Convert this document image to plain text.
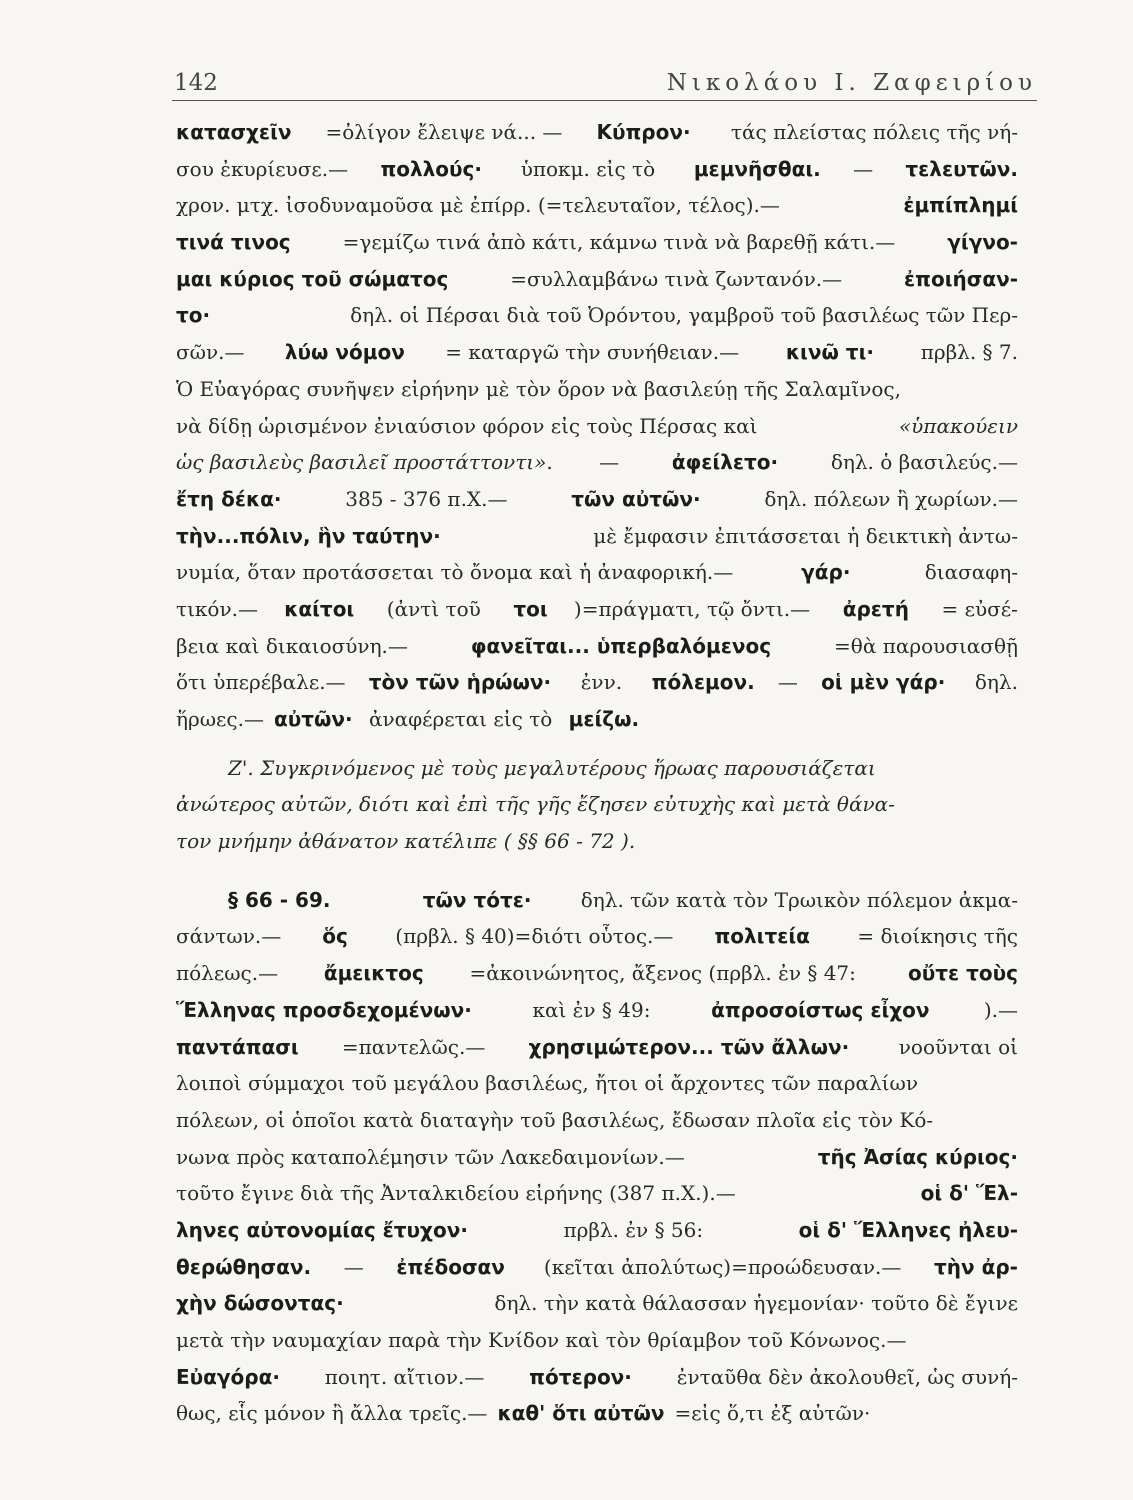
142	Νικολάου Ι. Ζαφειρίου
κατασχεῖν =ὀλίγον ἔλειψε νά... — Κύπρον· τάς πλείστας πόλεις τῆς νή-
σου ἐκυρίευσε.— πολλούς· ὑποκμ. εἰς τὸ μεμνῆσθαι. — τελευτῶν.
χρον. μτχ. ἰσοδυναμοῦσα μὲ ἐπίρρ. (=τελευταῖον, τέλος).—	ἐμπίπλημί
τινά τινος	=γεμίζω τινά ἀπὸ κάτι, κάμνω τινὰ νὰ βαρεθῇ κάτι.—	γίγνο-
μαι κύριος τοῦ σώματος	=συλλαμβάνω τινὰ ζωντανόν.—	ἐποιήσαν-
το·	δηλ. οἱ Πέρσαι διὰ τοῦ Ὀρόντου, γαμβροῦ τοῦ βασιλέως τῶν Περ-
σῶν.— λύω νόμον = καταργῶ τὴν συνήθειαν.— κινῶ τι· πρβλ. § 7.
Ὁ Εὐαγόρας συνῆψεν εἰρήνην μὲ τὸν ὅρον νὰ βασιλεύῃ τῆς Σαλαμῖνος,
νὰ δίδῃ ὡρισμένον ἐνιαύσιον φόρον εἰς τοὺς Πέρσας καὶ	«ὑπακούειν
ὡς βασιλεὺς βασιλεῖ προστάττοντι». — ἀφείλετο· δηλ. ὁ βασιλεύς.—
ἔτη δέκα·	385 - 376 π.Χ.—	τῶν αὐτῶν·	δηλ. πόλεων ἢ χωρίων.—
τὴν...πόλιν, ἣν ταύτην·	μὲ ἔμφασιν ἐπιτάσσεται ἡ δεικτικὴ ἀντω-
νυμία, ὅταν προτάσσεται τὸ ὄνομα καὶ ἡ ἀναφορική.—	γάρ·	διασαφη-
τικόν.— καίτοι (ἀντὶ τοῦ τοι )=πράγματι, τῷ ὄντι.— ἀρετή = εὐσέ-
βεια καὶ δικαιοσύνη.—	φανεῖται... ὑπερβαλόμενος	=θὰ παρουσιασθῇ
ὅτι ὑπερέβαλε.— τὸν τῶν ἡρώων· ἐνν. πόλεμον. — οἱ μὲν γάρ· δηλ.
ἥρωες.— αὐτῶν· ἀναφέρεται εἰς τὸ μείζω.
Ζ'. Συγκρινόμενος μὲ τοὺς μεγαλυτέρους ἥρωας παρουσιάζεται
ἀνώτερος αὐτῶν, διότι καὶ ἐπὶ τῆς γῆς ἔζησεν εὐτυχὴς καὶ μετὰ θάνα-
τον μνήμην ἀθάνατον κατέλιπε ( §§ 66 - 72 ).
§ 66 - 69.
	τῶν τότε· δηλ. τῶν κατὰ τὸν Τρωικὸν πόλεμον ἀκμα-
σάντων.— ὅς (πρβλ. § 40)=διότι οὗτος.— πολιτεία = διοίκησις τῆς
πόλεως.— ἄμεικτος =ἀκοινώνητος, ἄξενος (πρβλ. ἐν § 47: οὔτε τοὺς
Ἕλληνας προσδεχομένων·	καὶ ἐν § 49:	ἀπροσοίστως εἶχον	).—
παντάπασι =παντελῶς.— χρησιμώτερον... τῶν ἄλλων· νοοῦνται οἱ
λοιποὶ σύμμαχοι τοῦ μεγάλου βασιλέως, ἤτοι οἱ ἄρχοντες τῶν παραλίων
πόλεων, οἱ ὁποῖοι κατὰ διαταγὴν τοῦ βασιλέως, ἔδωσαν πλοῖα εἰς τὸν Κό-
νωνα πρὸς καταπολέμησιν τῶν Λακεδαιμονίων.—	τῆς Ἀσίας κύριος·
τοῦτο ἔγινε διὰ τῆς Ἀνταλκιδείου εἰρήνης (387 π.Χ.).—	οἱ δ' Ἕλ-
ληνες αὐτονομίας ἔτυχον·	πρβλ. ἐν § 56:	οἱ δ' Ἕλληνες ἠλευ-
θερώθησαν. — ἐπέδοσαν (κεῖται ἀπολύτως)=προώδευσαν.— τὴν ἀρ-
χὴν δώσοντας·	δηλ. τὴν κατὰ θάλασσαν ἡγεμονίαν· τοῦτο δὲ ἔγινε
μετὰ τὴν ναυμαχίαν παρὰ τὴν Κνίδον καὶ τὸν θρίαμβον τοῦ Κόνωνος.—
Εὐαγόρα· ποιητ. αἴτιον.— πότερον· ἐνταῦθα δὲν ἀκολουθεῖ, ὡς συνή-
θως, εἷς μόνον ἢ ἄλλα τρεῖς.— καθ' ὅτι αὐτῶν =εἰς ὅ,τι ἐξ αὐτῶν·
